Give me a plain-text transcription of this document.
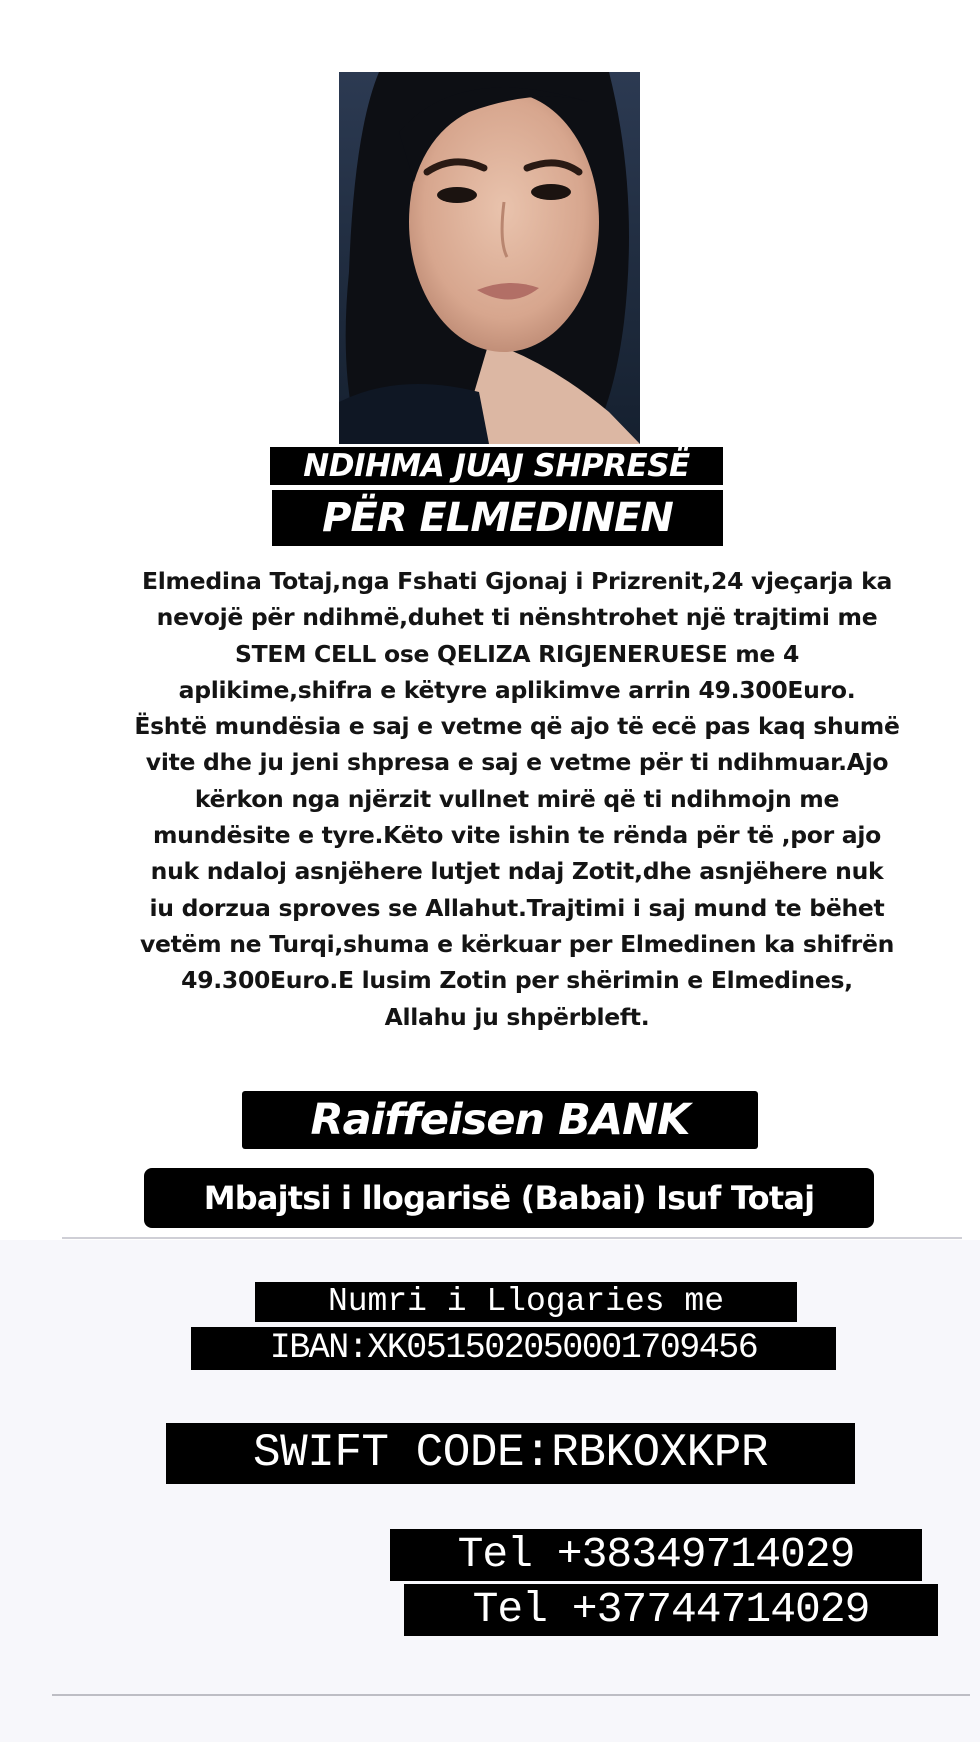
NDIHMA JUAJ SHPRESË
PËR ELMEDINEN
Elmedina Totaj,nga Fshati Gjonaj i Prizrenit,24 vjeçarja ka
nevojë për ndihmë,duhet ti nënshtrohet një trajtimi me
STEM CELL ose QELIZA RIGJENERUESE me 4
aplikime,shifra e këtyre aplikimve arrin 49.300Euro.
Është mundësia e saj e vetme që ajo të ecë pas kaq shumë
vite dhe ju jeni shpresa e saj e vetme për ti ndihmuar.Ajo
kërkon nga njërzit vullnet mirë që ti ndihmojn me
mundësite e tyre.Këto vite ishin te rënda për të ,por ajo
nuk ndaloj asnjëhere lutjet ndaj Zotit,dhe asnjëhere nuk
iu dorzua sproves se Allahut.Trajtimi i saj mund te bëhet
vetëm ne Turqi,shuma e kërkuar per Elmedinen ka shifrën
49.300Euro.E lusim Zotin per shërimin e Elmedines,
Allahu ju shpërbleft.
Raiffeisen BANK
Mbajtsi i llogarisë (Babai) Isuf Totaj
Numri i Llogaries me
IBAN:XK051502050001709456
SWIFT CODE:RBKOXKPR
Tel +38349714029
Tel +37744714029
